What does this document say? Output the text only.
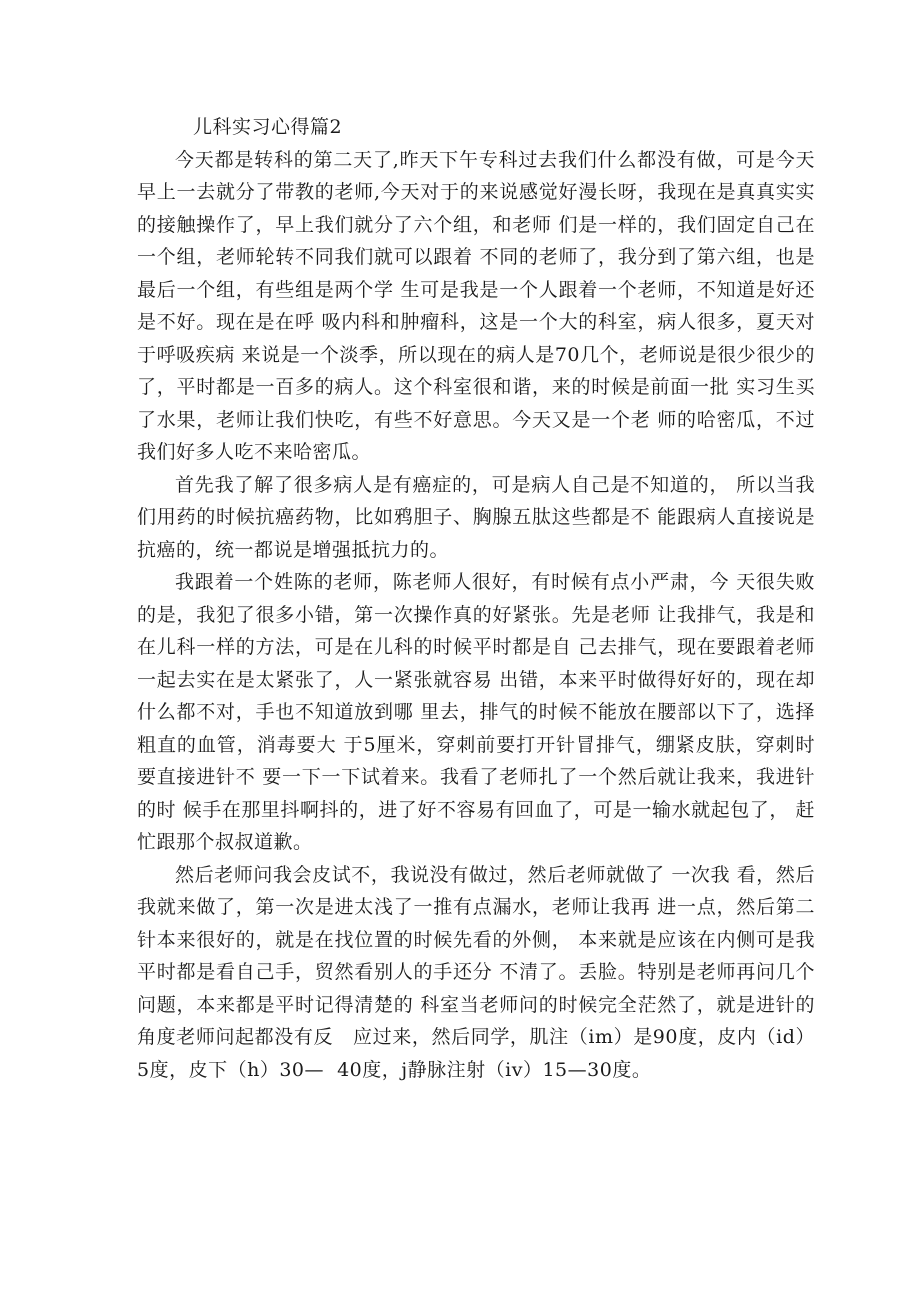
儿科实习心得篇2

今天都是转科的第二天了,昨天下午专科过去我们什么都没有做，可是今天早上一去就分了带教的老师,今天对于的来说感觉好漫长呀，我现在是真真实实的接触操作了，早上我们就分了六个组，和老师 们是一样的，我们固定自己在一个组，老师轮转不同我们就可以跟着 不同的老师了，我分到了第六组，也是最后一个组，有些组是两个学 生可是我是一个人跟着一个老师，不知道是好还是不好。现在是在呼 吸内科和肿瘤科，这是一个大的科室，病人很多，夏天对于呼吸疾病 来说是一个淡季，所以现在的病人是70几个，老师说是很少很少的 了，平时都是一百多的病人。这个科室很和谐，来的时候是前面一批 实习生买了水果，老师让我们快吃，有些不好意思。今天又是一个老 师的哈密瓜，不过我们好多人吃不来哈密瓜。

首先我了解了很多病人是有癌症的，可是病人自己是不知道的， 所以当我们用药的时候抗癌药物，比如鸦胆子、胸腺五肽这些都是不 能跟病人直接说是抗癌的，统一都说是增强抵抗力的。

我跟着一个姓陈的老师，陈老师人很好，有时候有点小严肃，今 天很失败的是，我犯了很多小错，第一次操作真的好紧张。先是老师 让我排气，我是和在儿科一样的方法，可是在儿科的时候平时都是自 己去排气，现在要跟着老师一起去实在是太紧张了，人一紧张就容易 出错，本来平时做得好好的，现在却什么都不对，手也不知道放到哪 里去，排气的时候不能放在腰部以下了，选择粗直的血管，消毒要大 于5厘米，穿刺前要打开针冒排气，绷紧皮肤，穿刺时要直接进针不 要一下一下试着来。我看了老师扎了一个然后就让我来，我进针的时 候手在那里抖啊抖的，进了好不容易有回血了，可是一输水就起包了， 赶忙跟那个叔叔道歉。

然后老师问我会皮试不，我说没有做过，然后老师就做了 一次我 看，然后我就来做了，第一次是进太浅了一推有点漏水，老师让我再 进一点，然后第二针本来很好的，就是在找位置的时候先看的外侧， 本来就是应该在内侧可是我平时都是看自己手，贸然看别人的手还分 不清了。丢脸。特别是老师再问几个问题，本来都是平时记得清楚的 科室当老师问的时候完全茫然了，就是进针的角度老师问起都没有反   应过来，然后同学，肌注（im）是90度，皮内（id）5度，皮下（h）30—  40度，j静脉注射（iv）15—30度。
